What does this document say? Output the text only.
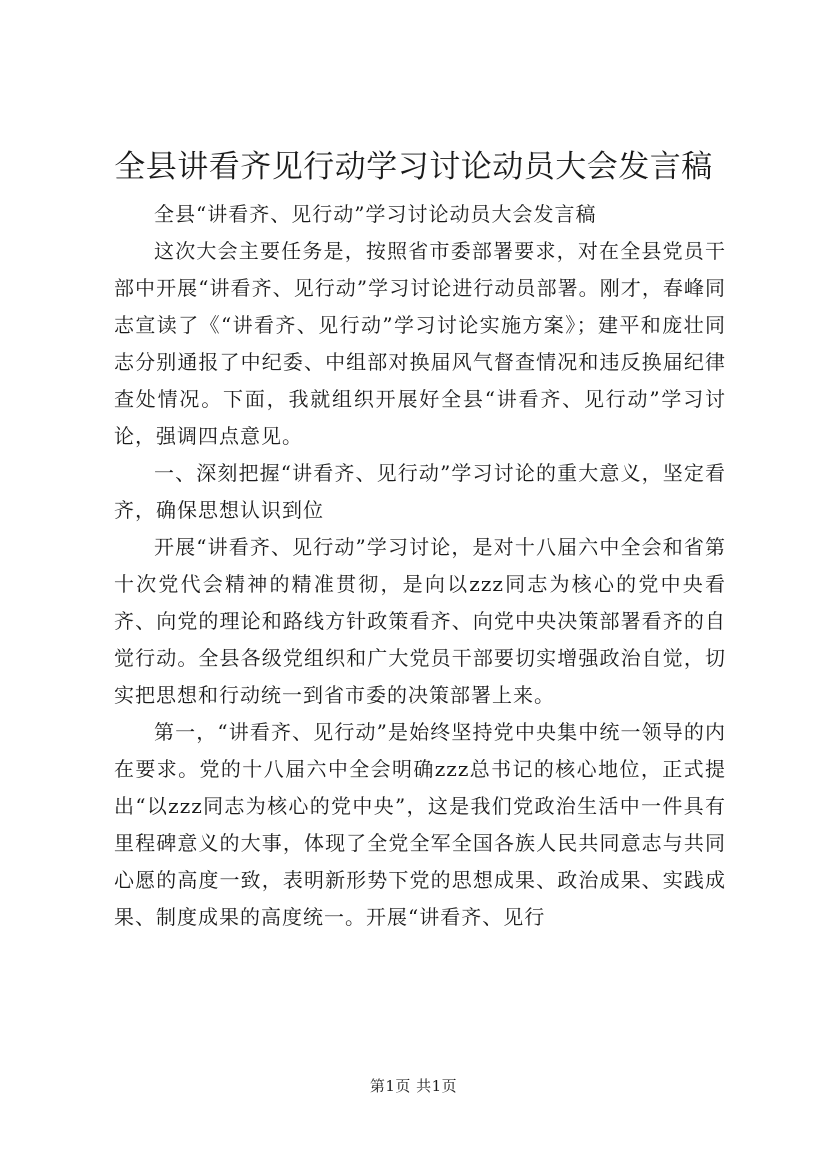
全县讲看齐见行动学习讨论动员大会发言稿

全县“讲看齐、见行动”学习讨论动员大会发言稿

这次大会主要任务是，按照省市委部署要求，对在全县党员干部中开展“讲看齐、见行动”学习讨论进行动员部署。刚才，春峰同志宣读了《“讲看齐、见行动”学习讨论实施方案》；建平和庞壮同志分别通报了中纪委、中组部对换届风气督查情况和违反换届纪律查处情况。下面，我就组织开展好全县“讲看齐、见行动”学习讨论，强调四点意见。

一、深刻把握“讲看齐、见行动”学习讨论的重大意义，坚定看齐，确保思想认识到位

开展“讲看齐、见行动”学习讨论，是对十八届六中全会和省第十次党代会精神的精准贯彻，是向以zzz同志为核心的党中央看齐、向党的理论和路线方针政策看齐、向党中央决策部署看齐的自觉行动。全县各级党组织和广大党员干部要切实增强政治自觉，切实把思想和行动统一到省市委的决策部署上来。

第一，“讲看齐、见行动”是始终坚持党中央集中统一领导的内在要求。党的十八届六中全会明确zzz总书记的核心地位，正式提出“以zzz同志为核心的党中央”，这是我们党政治生活中一件具有里程碑意义的大事，体现了全党全军全国各族人民共同意志与共同心愿的高度一致，表明新形势下党的思想成果、政治成果、实践成果、制度成果的高度统一。开展“讲看齐、见行

第1页 共1页
